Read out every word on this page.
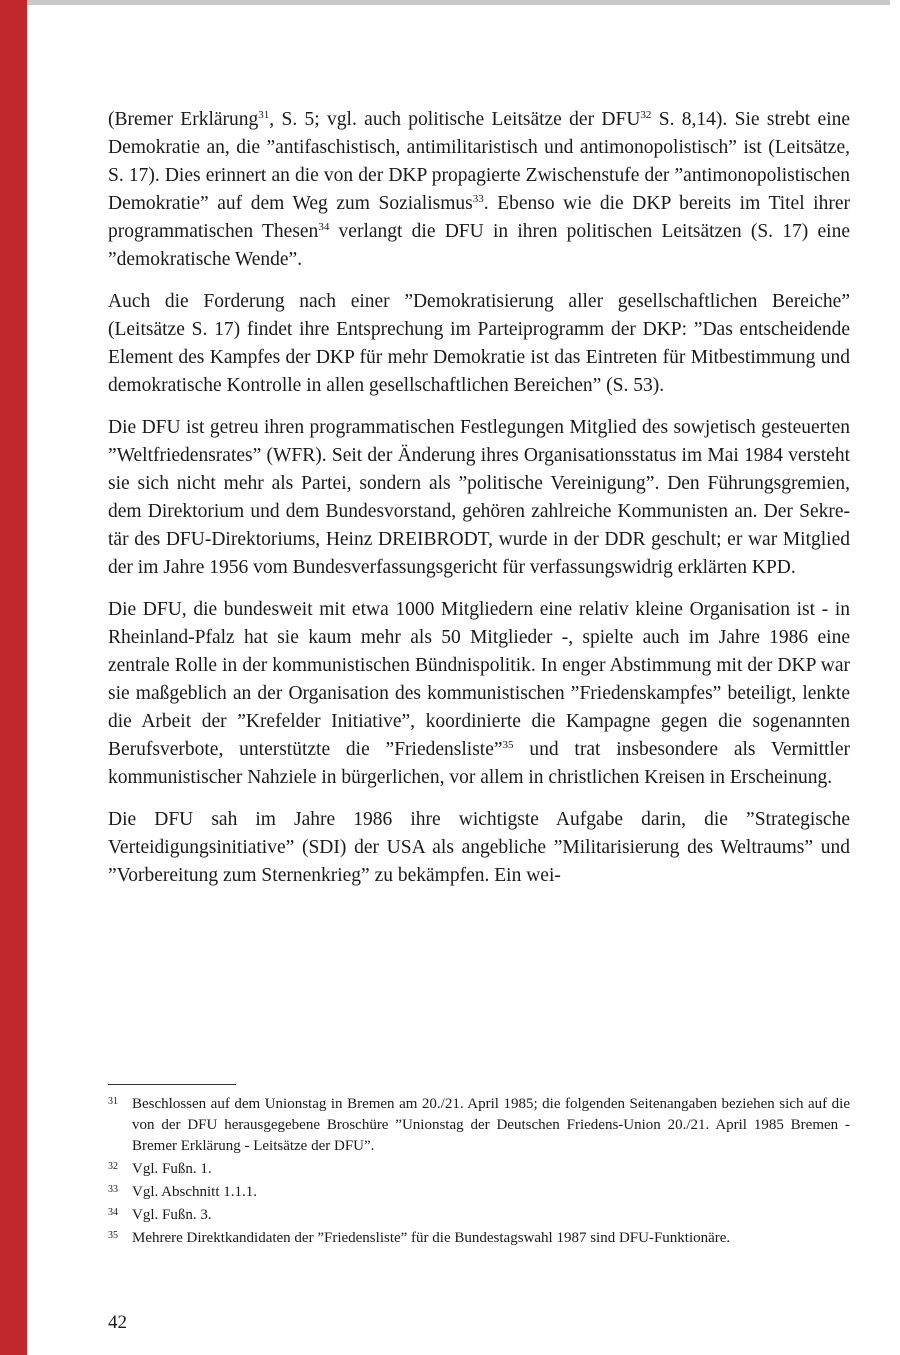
(Bremer Erklärung$^{31}$, S. 5; vgl. auch politische Leitsätze der DFU$^{32}$ S. 8,14). Sie strebt eine Demokratie an, die ”antifaschistisch, antimilitaristisch und antimonopolistisch” ist (Leitsätze, S. 17). Dies erinnert an die von der DKP propagierte Zwischenstufe der ”antimonopolistischen Demokratie” auf dem Weg zum Sozialismus$^{33}$. Ebenso wie die DKP bereits im Titel ihrer programmatischen Thesen$^{34}$ verlangt die DFU in ihren politischen Leitsätzen (S. 17) eine ”demokratische Wende”.

Auch die Forderung nach einer ”Demokratisierung aller gesellschaftlichen Bereiche” (Leitsätze S. 17) findet ihre Entsprechung im Parteiprogramm der DKP: ”Das entscheidende Element des Kampfes der DKP für mehr Demokratie ist das Eintreten für Mitbestimmung und demokratische Kontrolle in allen gesellschaftlichen Bereichen” (S. 53).

Die DFU ist getreu ihren programmatischen Festlegungen Mitglied des sowjetisch gesteuerten ”Weltfriedensrates” (WFR). Seit der Änderung ihres Organisationsstatus im Mai 1984 versteht sie sich nicht mehr als Partei, sondern als ”politische Vereinigung”. Den Führungsgremien, dem Direktorium und dem Bundesvorstand, gehören zahlreiche Kommunisten an. Der Sekretär des DFU-Direktoriums, Heinz DREIBRODT, wurde in der DDR geschult; er war Mitglied der im Jahre 1956 vom Bundesverfassungsgericht für verfassungswidrig erklärten KPD.

Die DFU, die bundesweit mit etwa 1000 Mitgliedern eine relativ kleine Organisation ist - in Rheinland-Pfalz hat sie kaum mehr als 50 Mitglieder -, spielte auch im Jahre 1986 eine zentrale Rolle in der kommunistischen Bündnispolitik. In enger Abstimmung mit der DKP war sie maßgeblich an der Organisation des kommunistischen ”Friedenskampfes” beteiligt, lenkte die Arbeit der ”Krefelder Initiative”, koordinierte die Kampagne gegen die sogenannten Berufsverbote, unterstützte die ”Friedensliste”$^{35}$ und trat insbesondere als Vermittler kommunistischer Nahziele in bürgerlichen, vor allem in christlichen Kreisen in Erscheinung.

Die DFU sah im Jahre 1986 ihre wichtigste Aufgabe darin, die ”Strategische Verteidigungsinitiative” (SDI) der USA als angebliche ”Militarisierung des Weltraums” und ”Vorbereitung zum Sternenkrieg” zu bekämpfen. Ein wei-

31 Beschlossen auf dem Unionstag in Bremen am 20./21. April 1985; die folgenden Seitenangaben beziehen sich auf die von der DFU herausgegebene Broschüre ”Unionstag der Deutschen Friedens-Union 20./21. April 1985 Bremen - Bremer Erklärung - Leitsätze der DFU”.
32 Vgl. Fußn. 1.
33 Vgl. Abschnitt 1.1.1.
34 Vgl. Fußn. 3.
35 Mehrere Direktkandidaten der ”Friedensliste” für die Bundestagswahl 1987 sind DFU-Funktionäre.
42
